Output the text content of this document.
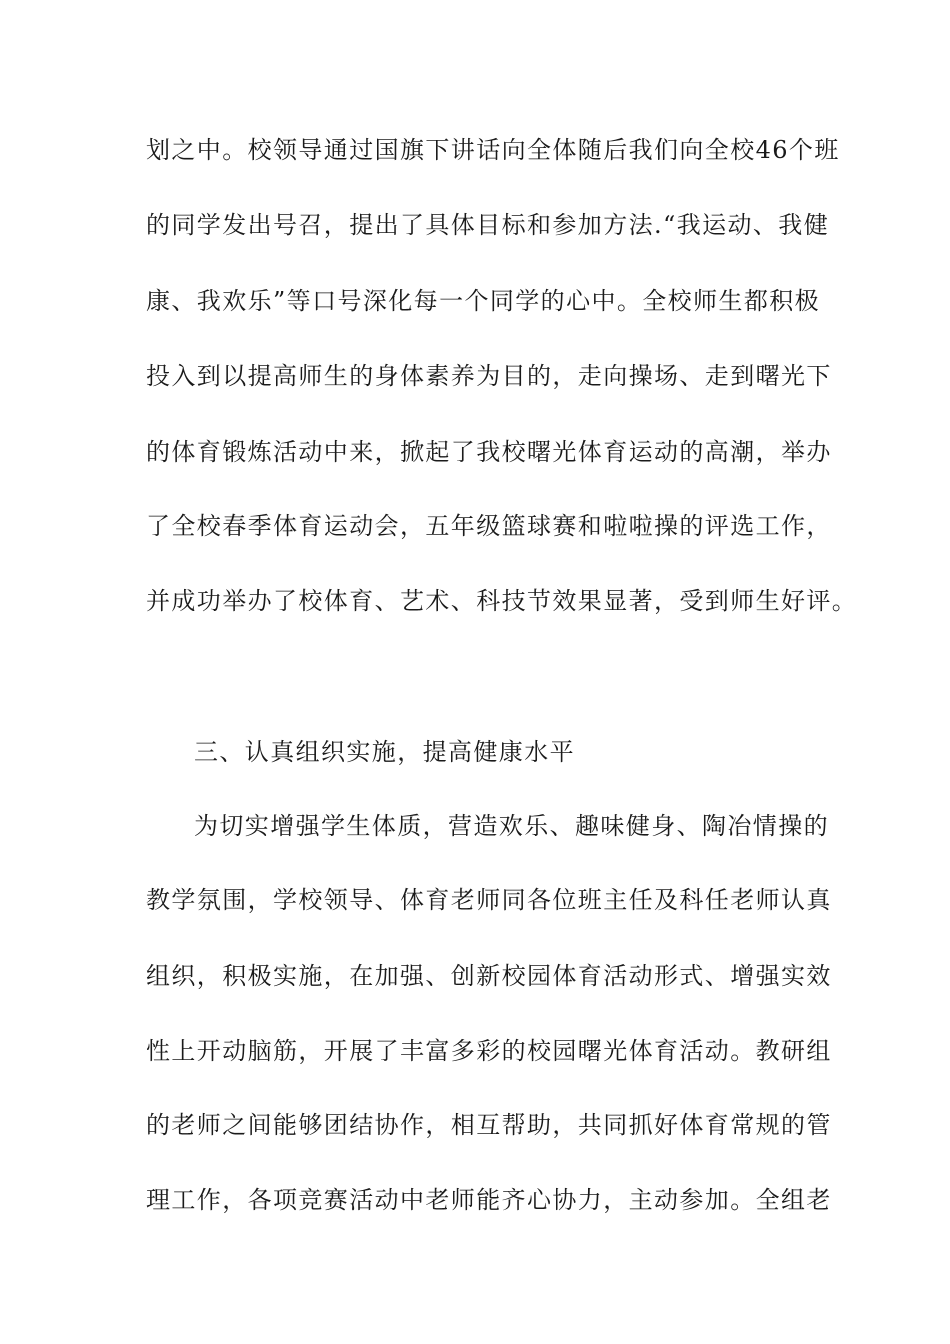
划之中。校领导通过国旗下讲话向全体随后我们向全校46个班
的同学发出号召，提出了具体目标和参加方法.“我运动、我健
康、我欢乐”等口号深化每一个同学的心中。全校师生都积极
投入到以提高师生的身体素养为目的，走向操场、走到曙光下
的体育锻炼活动中来，掀起了我校曙光体育运动的高潮，举办
了全校春季体育运动会，五年级篮球赛和啦啦操的评选工作，
并成功举办了校体育、艺术、科技节效果显著，受到师生好评。
三、认真组织实施，提高健康水平
为切实增强学生体质，营造欢乐、趣味健身、陶冶情操的
教学氛围，学校领导、体育老师同各位班主任及科任老师认真
组织，积极实施，在加强、创新校园体育活动形式、增强实效
性上开动脑筋，开展了丰富多彩的校园曙光体育活动。教研组
的老师之间能够团结协作，相互帮助，共同抓好体育常规的管
理工作，各项竞赛活动中老师能齐心协力，主动参加。全组老
